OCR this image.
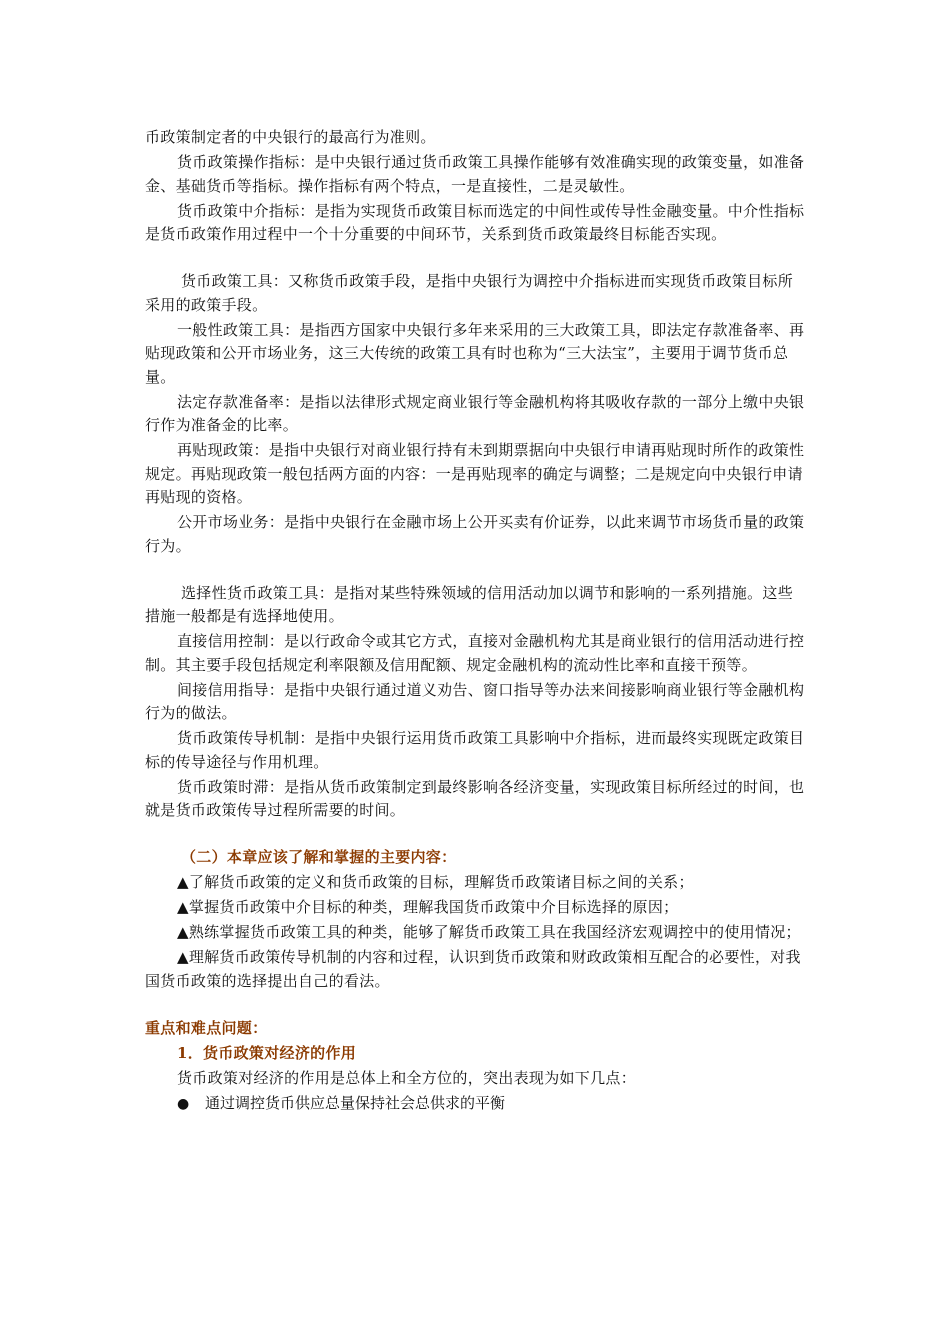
币政策制定者的中央银行的最高行为准则。

货币政策操作指标：是中央银行通过货币政策工具操作能够有效准确实现的政策变量，如准备金、基础货币等指标。操作指标有两个特点，一是直接性，二是灵敏性。

货币政策中介指标：是指为实现货币政策目标而选定的中间性或传导性金融变量。中介性指标是货币政策作用过程中一个十分重要的中间环节，关系到货币政策最终目标能否实现。

货币政策工具：又称货币政策手段，是指中央银行为调控中介指标进而实现货币政策目标所采用的政策手段。

一般性政策工具：是指西方国家中央银行多年来采用的三大政策工具，即法定存款准备率、再贴现政策和公开市场业务，这三大传统的政策工具有时也称为“三大法宝”，主要用于调节货币总量。

法定存款准备率：是指以法律形式规定商业银行等金融机构将其吸收存款的一部分上缴中央银行作为准备金的比率。

再贴现政策：是指中央银行对商业银行持有未到期票据向中央银行申请再贴现时所作的政策性规定。再贴现政策一般包括两方面的内容：一是再贴现率的确定与调整；二是规定向中央银行申请再贴现的资格。

公开市场业务：是指中央银行在金融市场上公开买卖有价证券，以此来调节市场货币量的政策行为。

选择性货币政策工具：是指对某些特殊领域的信用活动加以调节和影响的一系列措施。这些措施一般都是有选择地使用。

直接信用控制：是以行政命令或其它方式，直接对金融机构尤其是商业银行的信用活动进行控制。其主要手段包括规定利率限额及信用配额、规定金融机构的流动性比率和直接干预等。

间接信用指导：是指中央银行通过道义劝告、窗口指导等办法来间接影响商业银行等金融机构行为的做法。

货币政策传导机制：是指中央银行运用货币政策工具影响中介指标，进而最终实现既定政策目标的传导途径与作用机理。

货币政策时滞：是指从货币政策制定到最终影响各经济变量，实现政策目标所经过的时间，也就是货币政策传导过程所需要的时间。

（二）本章应该了解和掌握的主要内容：

▲了解货币政策的定义和货币政策的目标，理解货币政策诸目标之间的关系；

▲掌握货币政策中介目标的种类，理解我国货币政策中介目标选择的原因；

▲熟练掌握货币政策工具的种类，能够了解货币政策工具在我国经济宏观调控中的使用情况；

▲理解货币政策传导机制的内容和过程，认识到货币政策和财政政策相互配合的必要性，对我国货币政策的选择提出自己的看法。

重点和难点问题：

1．货币政策对经济的作用

货币政策对经济的作用是总体上和全方位的，突出表现为如下几点：

●	通过调控货币供应总量保持社会总供求的平衡
